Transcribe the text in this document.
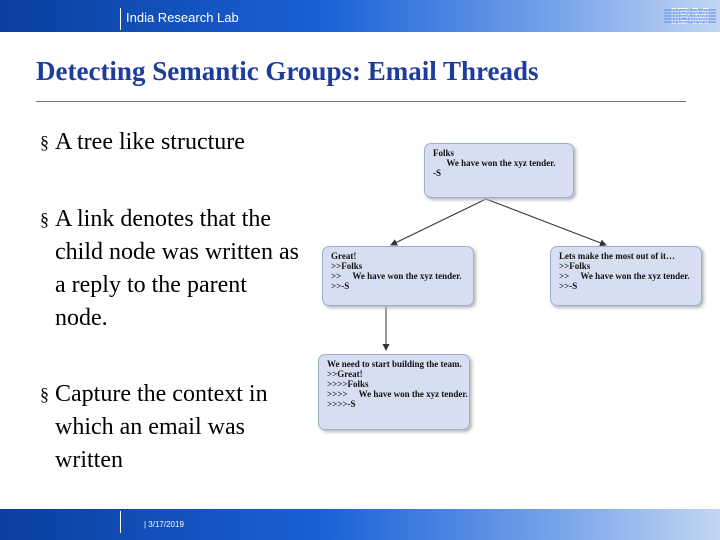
India Research Lab	IBM
Detecting Semantic Groups: Email Threads
§ A tree like structure
§ A link denotes that the child node was written as a reply to the parent node.
§ Capture the context in which an email was written
Folks
We have won the xyz tender.
-S
Great!
>>Folks
>>     We have won the xyz tender.
>>-S
Lets make the most out of it…
>>Folks
>>     We have won the xyz tender.
>>-S
We need to start building the team.
>>Great!
>>>>Folks
>>>>     We have won the xyz tender.
>>>>-S
| 3/17/2019
